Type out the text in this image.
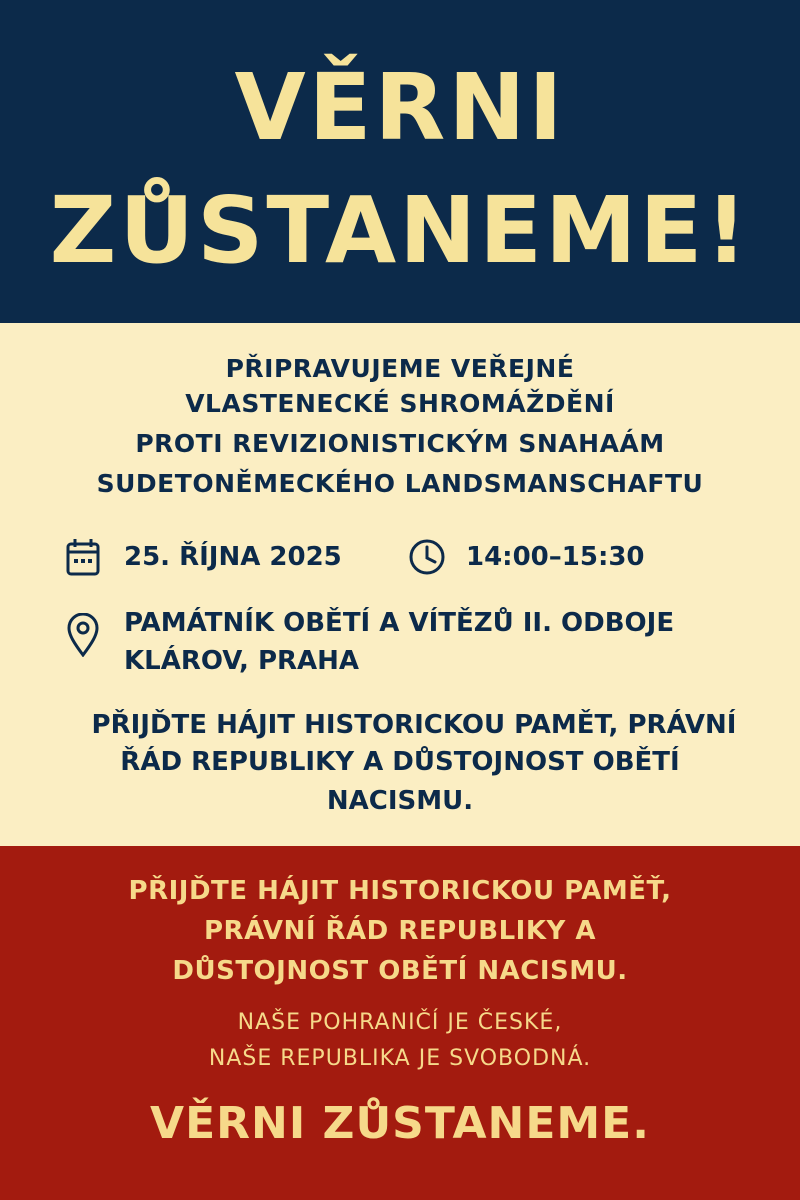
VĚRNI
ZŮSTANEME!

PŘIPRAVUJEME VEŘEJNÉ

VLASTENECKÉ SHROMÁŽDĚNÍ

PROTI REVIZIONISTICKÝM SNAHAÁM

SUDETONĚMECKÉHO LANDSMANSCHAFTU

25. ŘÍJNA 2025	14:00–15:30
PAMÁTNÍK OBĚTÍ A VÍTĚZŮ II. ODBOJE
KLÁROV, PRAHA

PŘIJĎTE HÁJIT HISTORICKOU PAMĚT, PRÁVNÍ

ŘÁD REPUBLIKY A DŮSTOJNOST OBĚTÍ

NACISMU.

PŘIJĎTE HÁJIT HISTORICKOU PAMĚŤ,

PRÁVNÍ ŘÁD REPUBLIKY A

DŮSTOJNOST OBĚTÍ NACISMU.

NAŠE POHRANIČÍ JE ČESKÉ,

NAŠE REPUBLIKA JE SVOBODNÁ.

VĚRNI ZŮSTANEME.
